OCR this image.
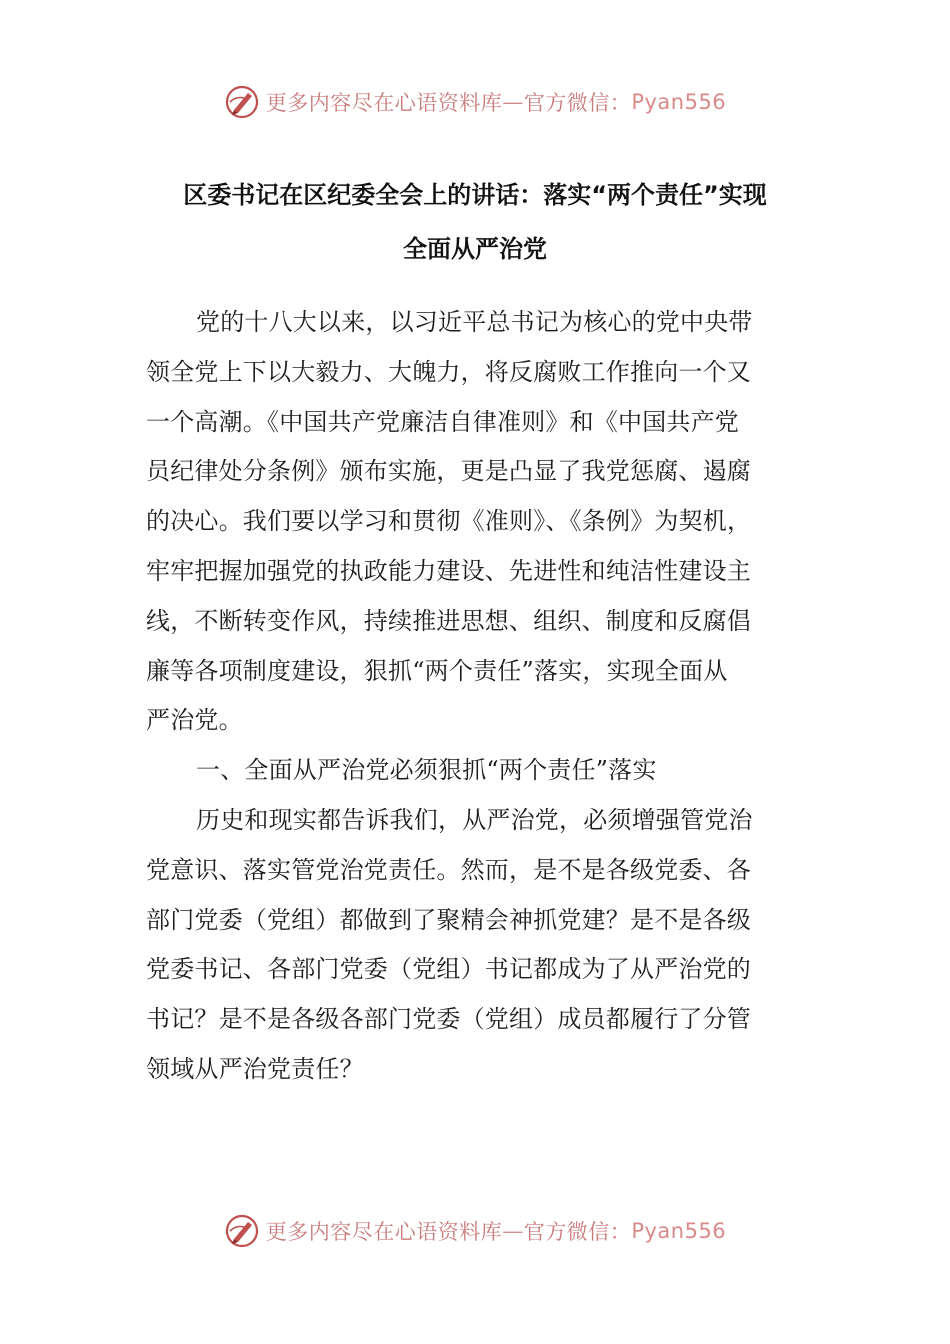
更多内容尽在心语资料库 — 官方微信： Pyan556
区委书记在区纪委全会上的讲话：落实“两个责任”实现
全面从严治党
党的十八大以来，以习近平总书记为核心的党中央带
领全党上下以大毅力、大魄力，将反腐败工作推向一个又
一个高潮。《中国共产党廉洁自律准则》和《中国共产党
员纪律处分条例》颁布实施，更是凸显了我党惩腐、遏腐
的决心。我们要以学习和贯彻《准则》、《条例》为契机，
牢牢把握加强党的执政能力建设、先进性和纯洁性建设主
线，不断转变作风，持续推进思想、组织、制度和反腐倡
廉等各项制度建设，狠抓“两个责任”落实，实现全面从
严治党。
一、全面从严治党必须狠抓“两个责任”落实
历史和现实都告诉我们，从严治党，必须增强管党治
党意识、落实管党治党责任。然而，是不是各级党委、各
部门党委（党组）都做到了聚精会神抓党建？是不是各级
党委书记、各部门党委（党组）书记都成为了从严治党的
书记？是不是各级各部门党委（党组）成员都履行了分管
领域从严治党责任？
更多内容尽在心语资料库 — 官方微信： Pyan556
